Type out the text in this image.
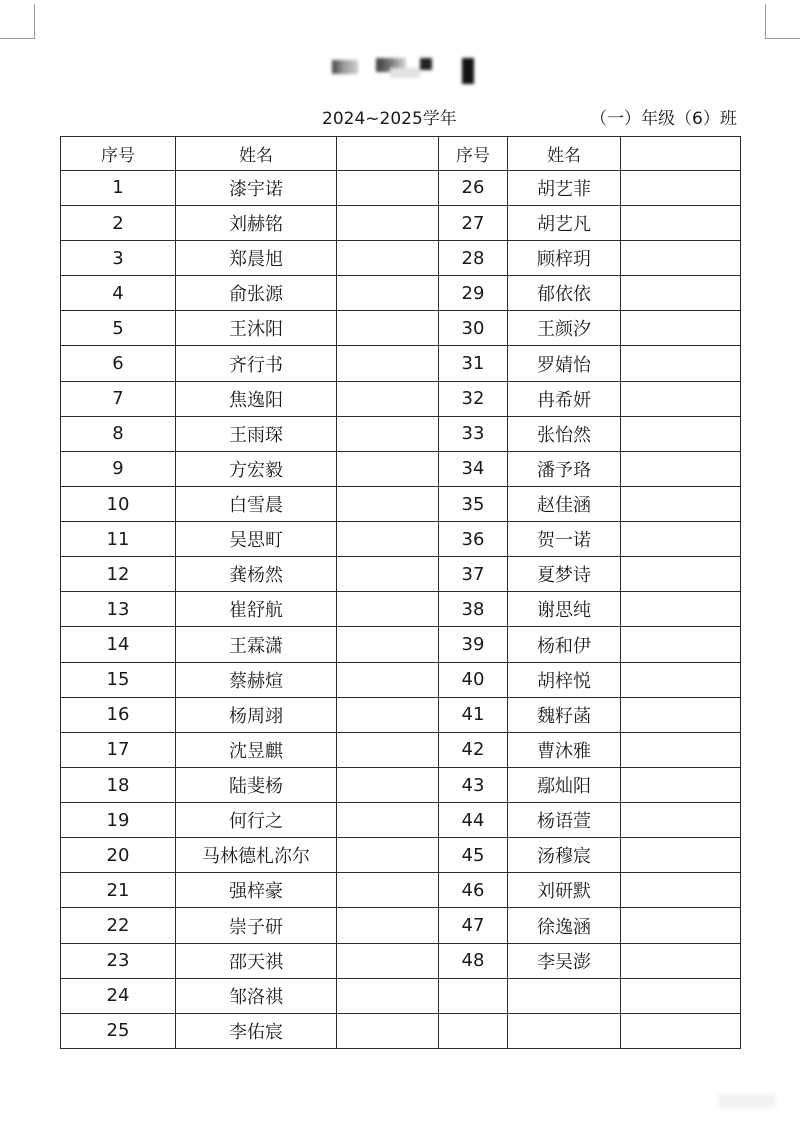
2024~2025学年	（一）年级（6）班
序号	姓名		序号	姓名	
1	漆宇诺		26	胡艺菲	
2	刘赫铭		27	胡艺凡	
3	郑晨旭		28	顾梓玥	
4	俞张源		29	郁依依	
5	王沐阳		30	王颜汐	
6	齐行书		31	罗婧怡	
7	焦逸阳		32	冉希妍	
8	王雨琛		33	张怡然	
9	方宏毅		34	潘予珞	
10	白雪晨		35	赵佳涵	
11	吴思町		36	贺一诺	
12	龚杨然		37	夏梦诗	
13	崔舒航		38	谢思纯	
14	王霖潇		39	杨和伊	
15	蔡赫煊		40	胡梓悦	
16	杨周翊		41	魏籽菡	
17	沈昱麒		42	曹沐雅	
18	陆斐杨		43	鄢灿阳	
19	何行之		44	杨语萱	
20	马林德札沵尔		45	汤穆宸	
21	强梓豪		46	刘研默	
22	崇子研		47	徐逸涵	
23	邵天祺		48	李吴澎	
24	邹洛祺				
25	李佑宸				
